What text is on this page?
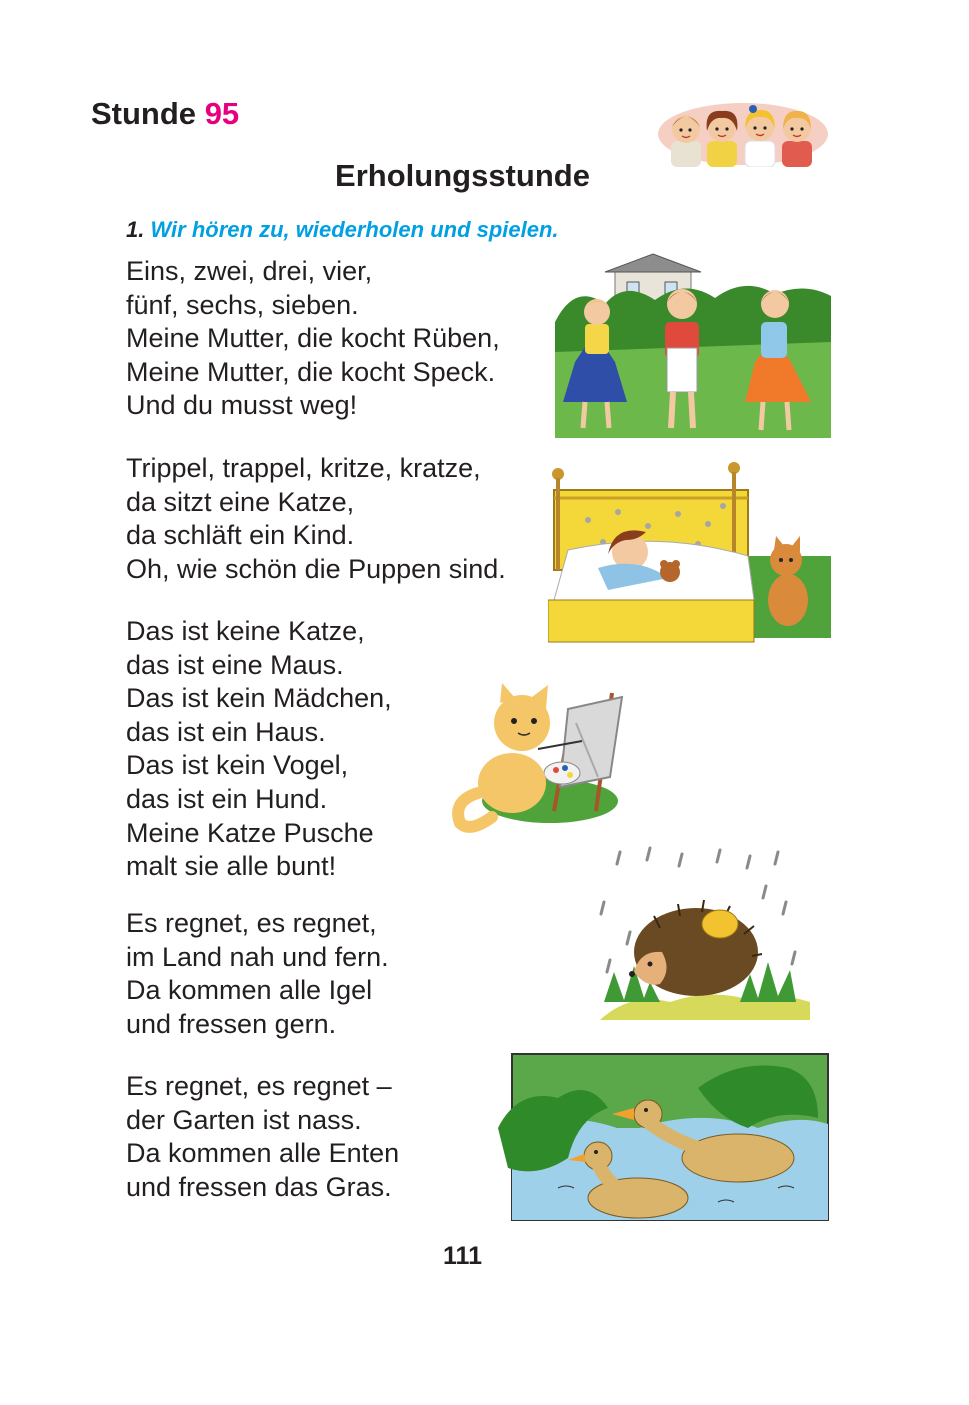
Stunde 95
Erholungsstunde
1. Wir hören zu, wiederholen und spielen.
Eins, zwei, drei, vier,
fünf, sechs, sieben.
Meine Mutter, die kocht Rüben,
Meine Mutter, die kocht Speck.
Und du musst weg!
Trippel, trappel, kritze, kratze,
da sitzt eine Katze,
da schläft ein Kind.
Oh, wie schön die Puppen sind.
Das ist keine Katze,
das ist eine Maus.
Das ist kein Mädchen,
das ist ein Haus.
Das ist kein Vogel,
das ist ein Hund.
Meine Katze Pusche
malt sie alle bunt!
Es regnet, es regnet,
im Land nah und fern.
Da kommen alle Igel
und fressen gern.
Es regnet, es regnet –
der Garten ist nass.
Da kommen alle Enten
und fressen das Gras.
111
